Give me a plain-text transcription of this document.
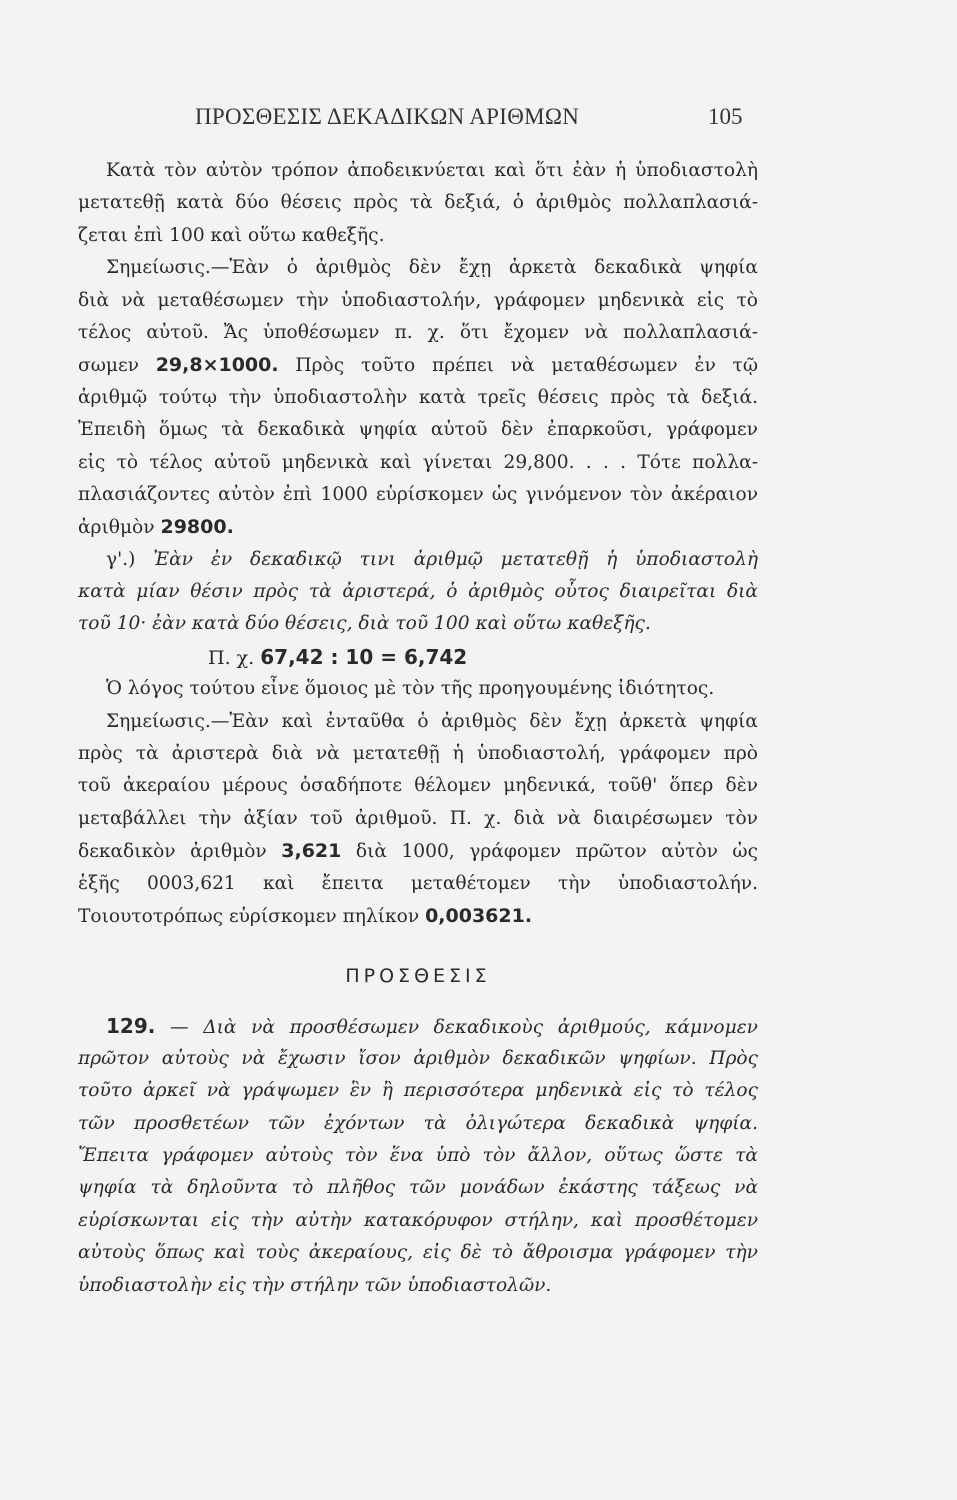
ΠΡΟΣΘΕΣΙΣ ΔΕΚΑΔΙΚΩΝ ΑΡΙΘΜΩΝ	105
Κατὰ τὸν αὐτὸν τρόπον ἀποδεικνύεται καὶ ὅτι ἐὰν ἡ ὑποδιαστολὴ
μετατεθῇ κατὰ δύο θέσεις πρὸς τὰ δεξιά, ὁ ἀριθμὸς πολλαπλασιά-
ζεται ἐπὶ 100 καὶ οὕτω καθεξῆς.
Σημείωσις.—Ἐὰν ὁ ἀριθμὸς δὲν ἔχῃ ἀρκετὰ δεκαδικὰ ψηφία
διὰ νὰ μεταθέσωμεν τὴν ὑποδιαστολήν, γράφομεν μηδενικὰ εἰς τὸ
τέλος αὐτοῦ. Ἄς ὑποθέσωμεν π. χ. ὅτι ἔχομεν νὰ πολλαπλασιά-
σωμεν 29,8×1000. Πρὸς τοῦτο πρέπει νὰ μεταθέσωμεν ἐν τῷ
ἀριθμῷ τούτῳ τὴν ὑποδιαστολὴν κατὰ τρεῖς θέσεις πρὸς τὰ δεξιά.
Ἐπειδὴ ὅμως τὰ δεκαδικὰ ψηφία αὐτοῦ δὲν ἐπαρκοῦσι, γράφομεν
εἰς τὸ τέλος αὐτοῦ μηδενικὰ καὶ γίνεται 29,800. . . . Τότε πολλα-
πλασιάζοντες αὐτὸν ἐπὶ 1000 εὑρίσκομεν ὡς γινόμενον τὸν ἀκέραιον
ἀριθμὸν 29800.
γ'.) Ἐὰν ἐν δεκαδικῷ τινι ἀριθμῷ μετατεθῇ ἡ ὑποδιαστολὴ
κατὰ μίαν θέσιν πρὸς τὰ ἀριστερά, ὁ ἀριθμὸς οὗτος διαιρεῖται διὰ
τοῦ 10· ἐὰν κατὰ δύο θέσεις, διὰ τοῦ 100 καὶ οὕτω καθεξῆς.
Π. χ. 67,42 : 10 = 6,742
Ὁ λόγος τούτου εἶνε ὅμοιος μὲ τὸν τῆς προηγουμένης ἰδιότητος.
Σημείωσις.—Ἐὰν καὶ ἐνταῦθα ὁ ἀριθμὸς δὲν ἔχῃ ἀρκετὰ ψηφία
πρὸς τὰ ἀριστερὰ διὰ νὰ μετατεθῇ ἡ ὑποδιαστολή, γράφομεν πρὸ
τοῦ ἀκεραίου μέρους ὁσαδήποτε θέλομεν μηδενικά, τοῦθ' ὅπερ δὲν
μεταβάλλει τὴν ἀξίαν τοῦ ἀριθμοῦ. Π. χ. διὰ νὰ διαιρέσωμεν τὸν
δεκαδικὸν ἀριθμὸν 3,621 διὰ 1000, γράφομεν πρῶτον αὐτὸν ὡς
ἑξῆς 0003,621 καὶ ἔπειτα μεταθέτομεν τὴν ὑποδιαστολήν.
Τοιουτοτρόπως εὑρίσκομεν πηλίκον 0,003621.
ΠΡΟΣΘΕΣΙΣ
129. — Διὰ νὰ προσθέσωμεν δεκαδικοὺς ἀριθμούς, κάμνομεν
πρῶτον αὐτοὺς νὰ ἔχωσιν ἴσον ἀριθμὸν δεκαδικῶν ψηφίων. Πρὸς
τοῦτο ἀρκεῖ νὰ γράψωμεν ἓν ἢ περισσότερα μηδενικὰ εἰς τὸ τέλος
τῶν προσθετέων τῶν ἐχόντων τὰ ὀλιγώτερα δεκαδικὰ ψηφία.
Ἔπειτα γράφομεν αὐτοὺς τὸν ἕνα ὑπὸ τὸν ἄλλον, οὕτως ὥστε τὰ
ψηφία τὰ δηλοῦντα τὸ πλῆθος τῶν μονάδων ἑκάστης τάξεως νὰ
εὑρίσκωνται εἰς τὴν αὐτὴν κατακόρυφον στήλην, καὶ προσθέτομεν
αὐτοὺς ὅπως καὶ τοὺς ἀκεραίους, εἰς δὲ τὸ ἄθροισμα γράφομεν τὴν
ὑποδιαστολὴν εἰς τὴν στήλην τῶν ὑποδιαστολῶν.
